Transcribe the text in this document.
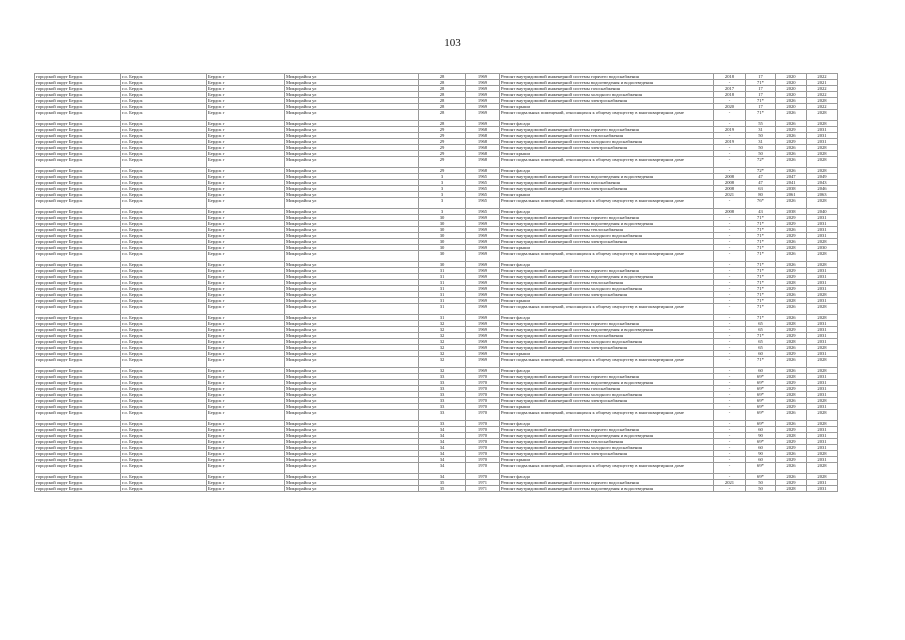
103
городской округ Бердск	г.о. Бердск	Бердск г	Микрорайон ул	28	1969	Ремонт внутридомовой инженерной системы горячего водоснабжения	2018	17	2020	2022
городской округ Бердск	г.о. Бердск	Бердск г	Микрорайон ул	28	1969	Ремонт внутридомовой инженерной системы водоотведения и водоотведения	-	71*	2020	2021
городской округ Бердск	г.о. Бердск	Бердск г	Микрорайон ул	28	1969	Ремонт внутридомовой инженерной системы газоснабжения	2017	17	2020	2022
городской округ Бердск	г.о. Бердск	Бердск г	Микрорайон ул	28	1969	Ремонт внутридомовой инженерной системы холодного водоснабжения	2018	17	2020	2022
городской округ Бердск	г.о. Бердск	Бердск г	Микрорайон ул	28	1969	Ремонт внутридомовой инженерной системы электроснабжения	-	71*	2026	2028
городской округ Бердск	г.о. Бердск	Бердск г	Микрорайон ул	28	1969	Ремонт крыши	2020	17	2020	2022
городской округ Бердск	г.о. Бердск	Бердск г	Микрорайон ул	28	1969	Ремонт подвальных помещений, относящихся к общему имуществу в многоквартирном доме	-	71*	2026	2028
городской округ Бердск	г.о. Бердск	Бердск г	Микрорайон ул	28	1969	Ремонт фасада	-	55	2026	2028
городской округ Бердск	г.о. Бердск	Бердск г	Микрорайон ул	29	1968	Ремонт внутридомовой инженерной системы горячего водоснабжения	2019	31	2029	2031
городской округ Бердск	г.о. Бердск	Бердск г	Микрорайон ул	29	1968	Ремонт внутридомовой инженерной системы теплоснабжения	-	50	2026	2031
городской округ Бердск	г.о. Бердск	Бердск г	Микрорайон ул	29	1968	Ремонт внутридомовой инженерной системы холодного водоснабжения	2019	31	2029	2031
городской округ Бердск	г.о. Бердск	Бердск г	Микрорайон ул	29	1968	Ремонт внутридомовой инженерной системы электроснабжения	-	50	2026	2028
городской округ Бердск	г.о. Бердск	Бердск г	Микрорайон ул	29	1968	Ремонт крыши	-	50	2026	2028
городской округ Бердск	г.о. Бердск	Бердск г	Микрорайон ул	29	1968	Ремонт подвальных помещений, относящихся к общему имуществу в многоквартирном доме	-	72*	2026	2028
городской округ Бердск	г.о. Бердск	Бердск г	Микрорайон ул	29	1968	Ремонт фасада	-	72*	2026	2028
городской округ Бердск	г.о. Бердск	Бердск г	Микрорайон ул	3	1965	Ремонт внутридомовой инженерной системы водоотведения и водоотведения	2008	47	2047	2049
городской округ Бердск	г.о. Бердск	Бердск г	Микрорайон ул	3	1965	Ремонт внутридомовой инженерной системы газоснабжения	2008	47	2041	2043
городской округ Бердск	г.о. Бердск	Бердск г	Микрорайон ул	3	1965	Ремонт внутридомовой инженерной системы электроснабжения	2008	63	2038	2046
городской округ Бердск	г.о. Бердск	Бердск г	Микрорайон ул	3	1965	Ремонт крыши	2021	80	2061	2063
городской округ Бердск	г.о. Бердск	Бердск г	Микрорайон ул	3	1965	Ремонт подвальных помещений, относящихся к общему имуществу в многоквартирном доме	-	76*	2026	2028
городской округ Бердск	г.о. Бердск	Бердск г	Микрорайон ул	3	1965	Ремонт фасада	2008	43	2038	2040
городской округ Бердск	г.о. Бердск	Бердск г	Микрорайон ул	30	1969	Ремонт внутридомовой инженерной системы горячего водоснабжения	-	71*	2029	2031
городской округ Бердск	г.о. Бердск	Бердск г	Микрорайон ул	30	1969	Ремонт внутридомовой инженерной системы водоотведения и водоотведения	-	71*	2029	2031
городской округ Бердск	г.о. Бердск	Бердск г	Микрорайон ул	30	1969	Ремонт внутридомовой инженерной системы теплоснабжения	-	71*	2026	2031
городской округ Бердск	г.о. Бердск	Бердск г	Микрорайон ул	30	1969	Ремонт внутридомовой инженерной системы холодного водоснабжения	-	71*	2029	2031
городской округ Бердск	г.о. Бердск	Бердск г	Микрорайон ул	30	1969	Ремонт внутридомовой инженерной системы электроснабжения	-	71*	2026	2028
городской округ Бердск	г.о. Бердск	Бердск г	Микрорайон ул	30	1969	Ремонт крыши	-	71*	2028	2030
городской округ Бердск	г.о. Бердск	Бердск г	Микрорайон ул	30	1969	Ремонт подвальных помещений, относящихся к общему имуществу в многоквартирном доме	-	71*	2026	2028
городской округ Бердск	г.о. Бердск	Бердск г	Микрорайон ул	30	1969	Ремонт фасада	-	71*	2026	2028
городской округ Бердск	г.о. Бердск	Бердск г	Микрорайон ул	31	1969	Ремонт внутридомовой инженерной системы горячего водоснабжения	-	71*	2029	2031
городской округ Бердск	г.о. Бердск	Бердск г	Микрорайон ул	31	1969	Ремонт внутридомовой инженерной системы водоотведения и водоотведения	-	71*	2029	2031
городской округ Бердск	г.о. Бердск	Бердск г	Микрорайон ул	31	1969	Ремонт внутридомовой инженерной системы теплоснабжения	-	71*	2028	2031
городской округ Бердск	г.о. Бердск	Бердск г	Микрорайон ул	31	1969	Ремонт внутридомовой инженерной системы холодного водоснабжения	-	71*	2029	2031
городской округ Бердск	г.о. Бердск	Бердск г	Микрорайон ул	31	1969	Ремонт внутридомовой инженерной системы электроснабжения	-	71*	2026	2028
городской округ Бердск	г.о. Бердск	Бердск г	Микрорайон ул	31	1969	Ремонт крыши	-	71*	2028	2031
городской округ Бердск	г.о. Бердск	Бердск г	Микрорайон ул	31	1969	Ремонт подвальных помещений, относящихся к общему имуществу в многоквартирном доме	-	71*	2026	2028
городской округ Бердск	г.о. Бердск	Бердск г	Микрорайон ул	31	1969	Ремонт фасада	-	71*	2026	2028
городской округ Бердск	г.о. Бердск	Бердск г	Микрорайон ул	32	1969	Ремонт внутридомовой инженерной системы горячего водоснабжения	-	65	2028	2031
городской округ Бердск	г.о. Бердск	Бердск г	Микрорайон ул	32	1969	Ремонт внутридомовой инженерной системы водоотведения и водоотведения	-	65	2029	2031
городской округ Бердск	г.о. Бердск	Бердск г	Микрорайон ул	32	1969	Ремонт внутридомовой инженерной системы теплоснабжения	-	71*	2029	2031
городской округ Бердск	г.о. Бердск	Бердск г	Микрорайон ул	32	1969	Ремонт внутридомовой инженерной системы холодного водоснабжения	-	65	2028	2031
городской округ Бердск	г.о. Бердск	Бердск г	Микрорайон ул	32	1969	Ремонт внутридомовой инженерной системы электроснабжения	-	65	2026	2028
городской округ Бердск	г.о. Бердск	Бердск г	Микрорайон ул	32	1969	Ремонт крыши	-	60	2029	2031
городской округ Бердск	г.о. Бердск	Бердск г	Микрорайон ул	32	1969	Ремонт подвальных помещений, относящихся к общему имуществу в многоквартирном доме	-	71*	2026	2028
городской округ Бердск	г.о. Бердск	Бердск г	Микрорайон ул	32	1969	Ремонт фасада	-	60	2026	2028
городской округ Бердск	г.о. Бердск	Бердск г	Микрорайон ул	33	1970	Ремонт внутридомовой инженерной системы горячего водоснабжения	-	69*	2028	2031
городской округ Бердск	г.о. Бердск	Бердск г	Микрорайон ул	33	1970	Ремонт внутридомовой инженерной системы водоотведения и водоотведения	-	69*	2029	2031
городской округ Бердск	г.о. Бердск	Бердск г	Микрорайон ул	33	1970	Ремонт внутридомовой инженерной системы газоснабжения	-	69*	2029	2031
городской округ Бердск	г.о. Бердск	Бердск г	Микрорайон ул	33	1970	Ремонт внутридомовой инженерной системы холодного водоснабжения	-	69*	2028	2031
городской округ Бердск	г.о. Бердск	Бердск г	Микрорайон ул	33	1970	Ремонт внутридомовой инженерной системы электроснабжения	-	69*	2026	2028
городской округ Бердск	г.о. Бердск	Бердск г	Микрорайон ул	33	1970	Ремонт крыши	-	69*	2029	2031
городской округ Бердск	г.о. Бердск	Бердск г	Микрорайон ул	33	1970	Ремонт подвальных помещений, относящихся к общему имуществу в многоквартирном доме	-	69*	2026	2028
городской округ Бердск	г.о. Бердск	Бердск г	Микрорайон ул	33	1970	Ремонт фасада	-	69*	2026	2028
городской округ Бердск	г.о. Бердск	Бердск г	Микрорайон ул	34	1970	Ремонт внутридомовой инженерной системы горячего водоснабжения	-	60	2029	2031
городской округ Бердск	г.о. Бердск	Бердск г	Микрорайон ул	34	1970	Ремонт внутридомовой инженерной системы водоотведения и водоотведения	-	90	2028	2031
городской округ Бердск	г.о. Бердск	Бердск г	Микрорайон ул	34	1970	Ремонт внутридомовой инженерной системы теплоснабжения	-	69*	2029	2031
городской округ Бердск	г.о. Бердск	Бердск г	Микрорайон ул	34	1970	Ремонт внутридомовой инженерной системы холодного водоснабжения	-	60	2029	2031
городской округ Бердск	г.о. Бердск	Бердск г	Микрорайон ул	34	1970	Ремонт внутридомовой инженерной системы электроснабжения	-	90	2026	2028
городской округ Бердск	г.о. Бердск	Бердск г	Микрорайон ул	34	1970	Ремонт крыши	-	60	2029	2031
городской округ Бердск	г.о. Бердск	Бердск г	Микрорайон ул	34	1970	Ремонт подвальных помещений, относящихся к общему имуществу в многоквартирном доме	-	69*	2026	2028
городской округ Бердск	г.о. Бердск	Бердск г	Микрорайон ул	34	1970	Ремонт фасада	-	69*	2026	2028
городской округ Бердск	г.о. Бердск	Бердск г	Микрорайон ул	35	1971	Ремонт внутридомовой инженерной системы горячего водоснабжения	2021	50	2029	2031
городской округ Бердск	г.о. Бердск	Бердск г	Микрорайон ул	35	1971	Ремонт внутридомовой инженерной системы водоотведения и водоотведения	-	50	2028	2031
